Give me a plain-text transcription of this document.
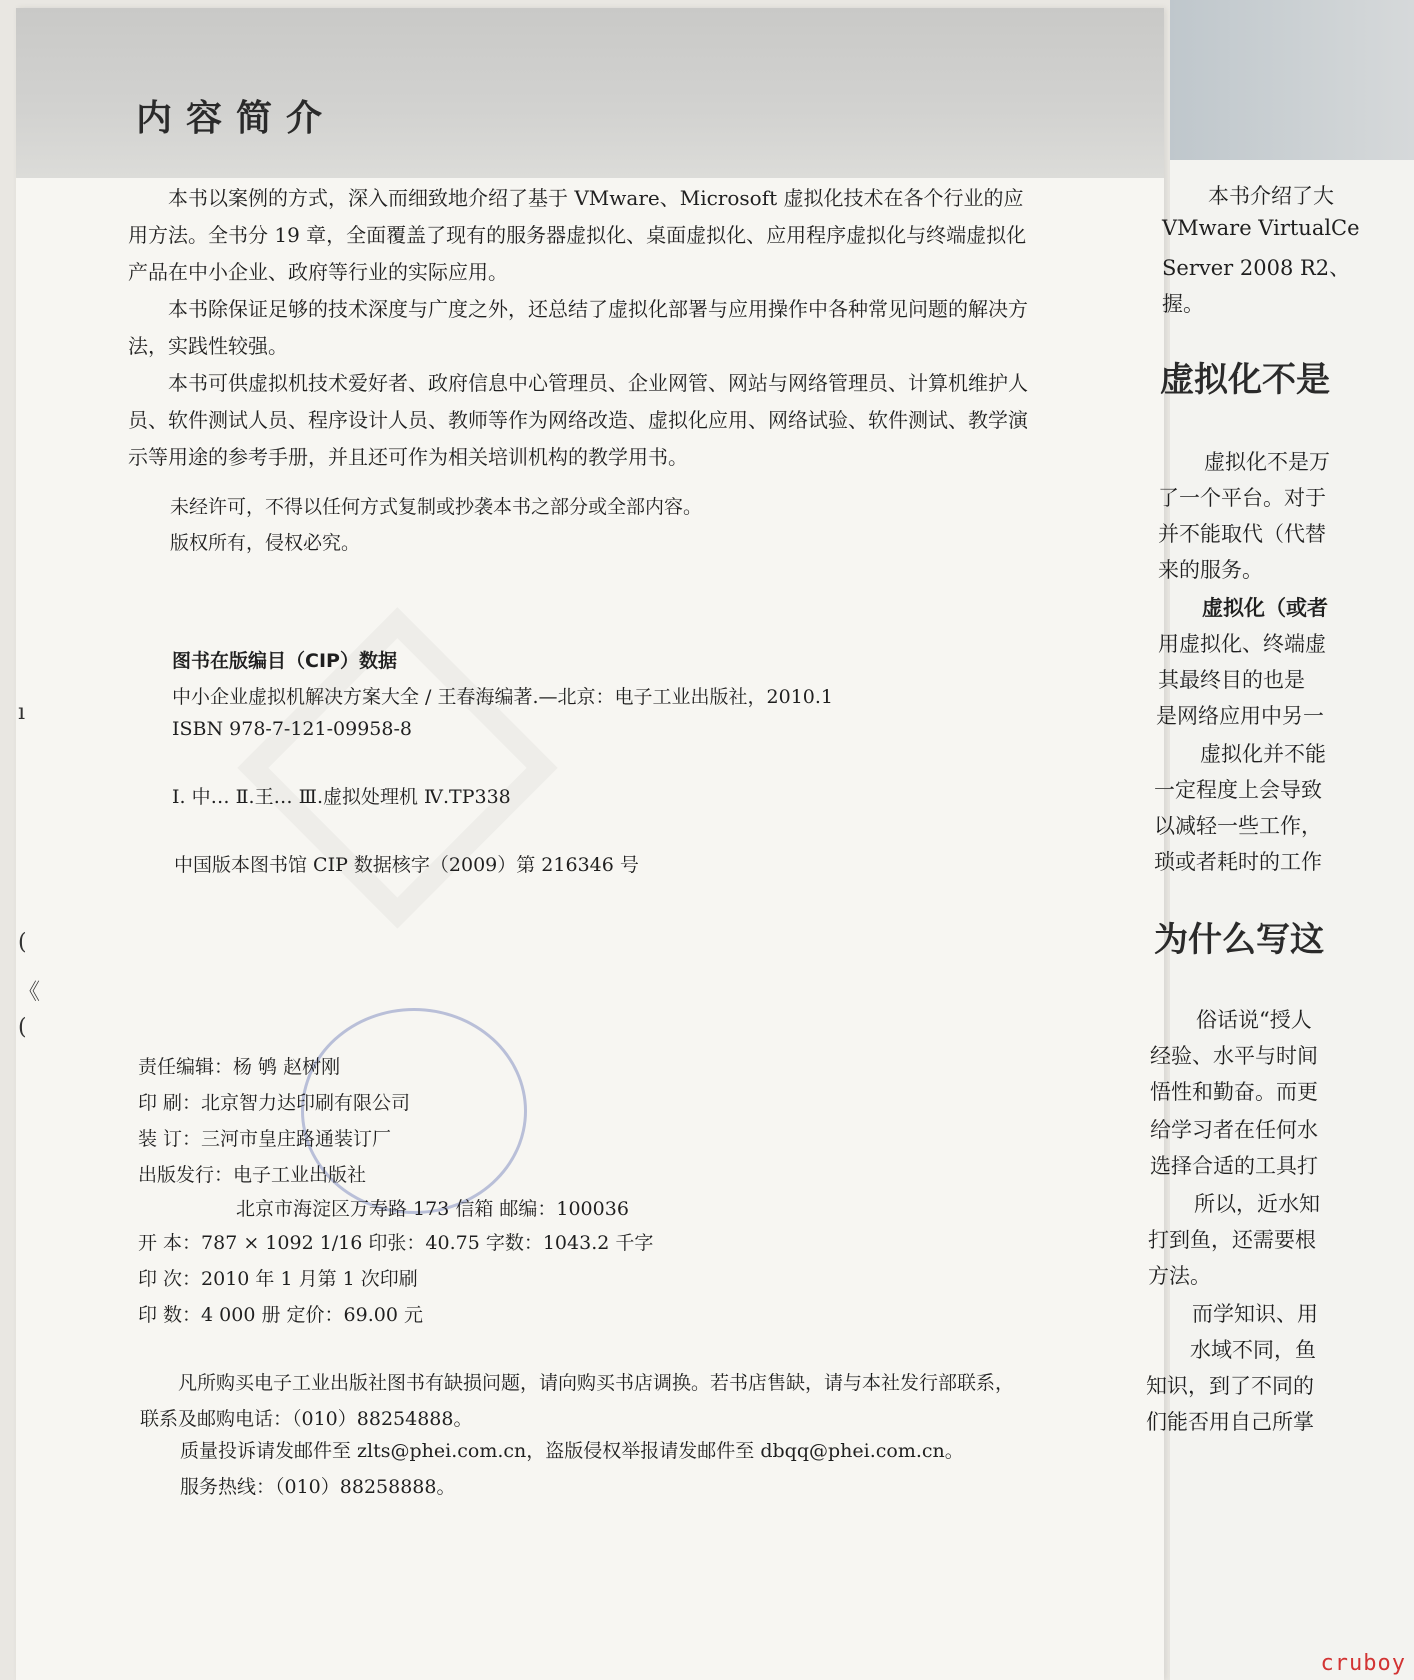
内容简介

本书以案例的方式，深入而细致地介绍了基于 VMware、Microsoft 虚拟化技术在各个行业的应用方法。全书分 19 章，全面覆盖了现有的服务器虚拟化、桌面虚拟化、应用程序虚拟化与终端虚拟化产品在中小企业、政府等行业的实际应用。

本书除保证足够的技术深度与广度之外，还总结了虚拟化部署与应用操作中各种常见问题的解决方法，实践性较强。

本书可供虚拟机技术爱好者、政府信息中心管理员、企业网管、网站与网络管理员、计算机维护人员、软件测试人员、程序设计人员、教师等作为网络改造、虚拟化应用、网络试验、软件测试、教学演示等用途的参考手册，并且还可作为相关培训机构的教学用书。

未经许可，不得以任何方式复制或抄袭本书之部分或全部内容。
版权所有，侵权必究。
图书在版编目（CIP）数据
中小企业虚拟机解决方案大全 / 王春海编著.—北京：电子工业出版社，2010.1
ISBN 978-7-121-09958-8
Ⅰ. 中… Ⅱ.王… Ⅲ.虚拟处理机 Ⅳ.TP338
中国版本图书馆 CIP 数据核字（2009）第 216346 号
责任编辑：杨 鸲 赵树刚
印 刷：北京智力达印刷有限公司
装 订：三河市皇庄路通装订厂
出版发行：电子工业出版社
北京市海淀区万寿路 173 信箱 邮编：100036
开 本：787 × 1092 1/16 印张：40.75 字数：1043.2 千字
印 次：2010 年 1 月第 1 次印刷
印 数：4 000 册 定价：69.00 元
凡所购买电子工业出版社图书有缺损问题，请向购买书店调换。若书店售缺，请与本社发行部联系，
联系及邮购电话：（010）88254888。
质量投诉请发邮件至 zlts@phei.com.cn，盗版侵权举报请发邮件至 dbqq@phei.com.cn。
服务热线：（010）88258888。
ı
(
《
(
本书介绍了大
VMware VirtualCe
Server 2008 R2、
握。
虚拟化不是
虚拟化不是万
了一个平台。对于
并不能取代（代替
来的服务。
虚拟化（或者
用虚拟化、终端虚
其最终目的也是
是网络应用中另一
虚拟化并不能
一定程度上会导致
以减轻一些工作，
琐或者耗时的工作
为什么写这
俗话说“授人
经验、水平与时间
悟性和勤奋。而更
给学习者在任何水
选择合适的工具打
所以，近水知
打到鱼，还需要根
方法。
而学知识、用
水域不同，鱼
知识，到了不同的
们能否用自己所掌
cruboy
